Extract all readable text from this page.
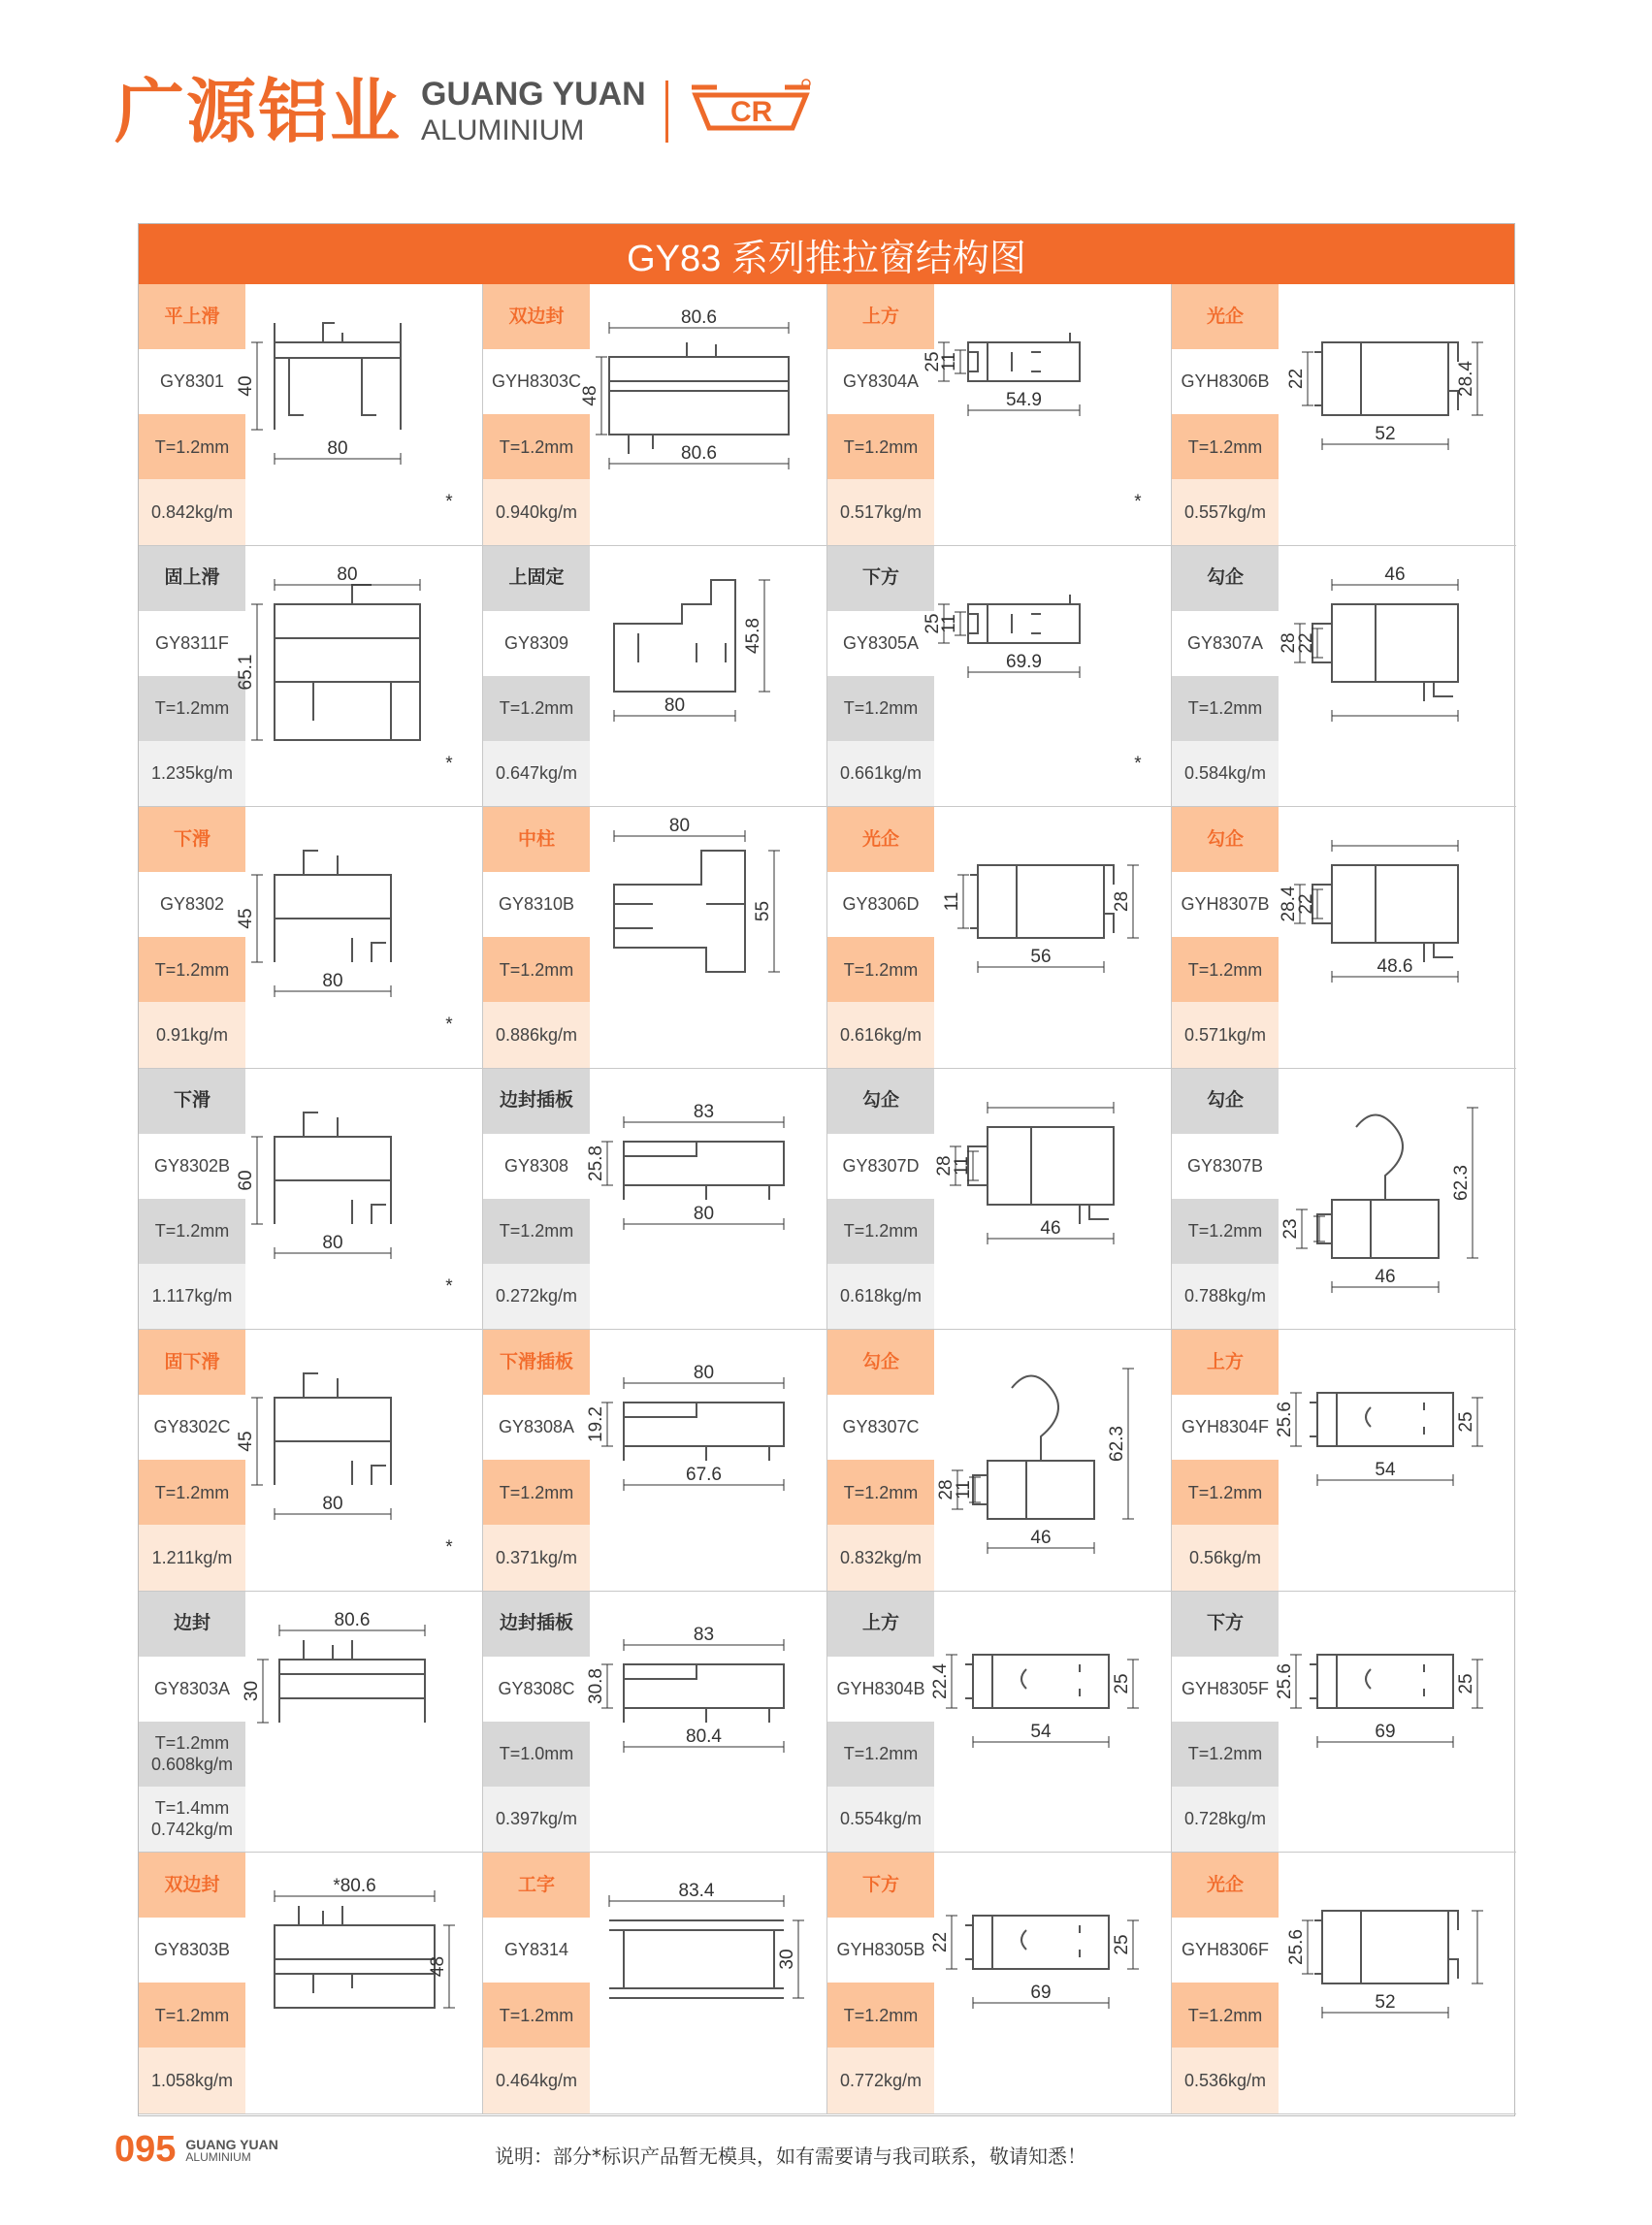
广源铝业 GUANG YUAN
ALUMINIUM
CR
GY83 系列推拉窗结构图
平上滑
GY8301
T=1.2mm
0.842kg/m
40
80
*
双边封
GYH8303C
T=1.2mm
0.940kg/m
80.6
48
80.6
上方
GY8304A
T=1.2mm
0.517kg/m
25
11
54.9
*
光企
GYH8306B
T=1.2mm
0.557kg/m
22	28.4
52
固上滑
GY8311F
T=1.2mm
1.235kg/m
80
65.1
*
上固定
GY8309
T=1.2mm
0.647kg/m
45.8
80
下方
GY8305A
T=1.2mm
0.661kg/m
25
11
69.9
*
勾企
GY8307A
T=1.2mm
0.584kg/m
28
22
46
下滑
GY8302
T=1.2mm
0.91kg/m
45
80
*
中柱
GY8310B
T=1.2mm
0.886kg/m
80
55
光企
GY8306D
T=1.2mm
0.616kg/m
11	28
56
勾企
GYH8307B
T=1.2mm
0.571kg/m
28.4
22
48.6
下滑
GY8302B
T=1.2mm
1.117kg/m
60
80
*
边封插板
GY8308
T=1.2mm
0.272kg/m
83
25.8
80
勾企
GY8307D
T=1.2mm
0.618kg/m
28
11
46
勾企
GY8307B
T=1.2mm
0.788kg/m
23
62.3
46
固下滑
GY8302C
T=1.2mm
1.211kg/m
45
80
*
下滑插板
GY8308A
T=1.2mm
0.371kg/m
80
19.2
67.6
勾企
GY8307C
T=1.2mm
0.832kg/m
28
11
62.3
46
上方
GYH8304F
T=1.2mm
0.56kg/m
25.6	25
54
边封
GY8303A
T=1.2mm
0.608kg/m
T=1.4mm
0.742kg/m
80.6
30
边封插板
GY8308C
T=1.0mm
0.397kg/m
83
30.8
80.4
上方
GYH8304B
T=1.2mm
0.554kg/m
22.4	25
54
下方
GYH8305F
T=1.2mm
0.728kg/m
25.6	25
69
双边封
GY8303B
T=1.2mm
1.058kg/m
*80.6
48
工字
GY8314
T=1.2mm
0.464kg/m
83.4
30
下方
GYH8305B
T=1.2mm
0.772kg/m
22	25
69
光企
GYH8306F
T=1.2mm
0.536kg/m
25.6
52
095 GUANG YUAN
ALUMINIUM	说明：部分*标识产品暂无模具，如有需要请与我司联系，敬请知悉！
